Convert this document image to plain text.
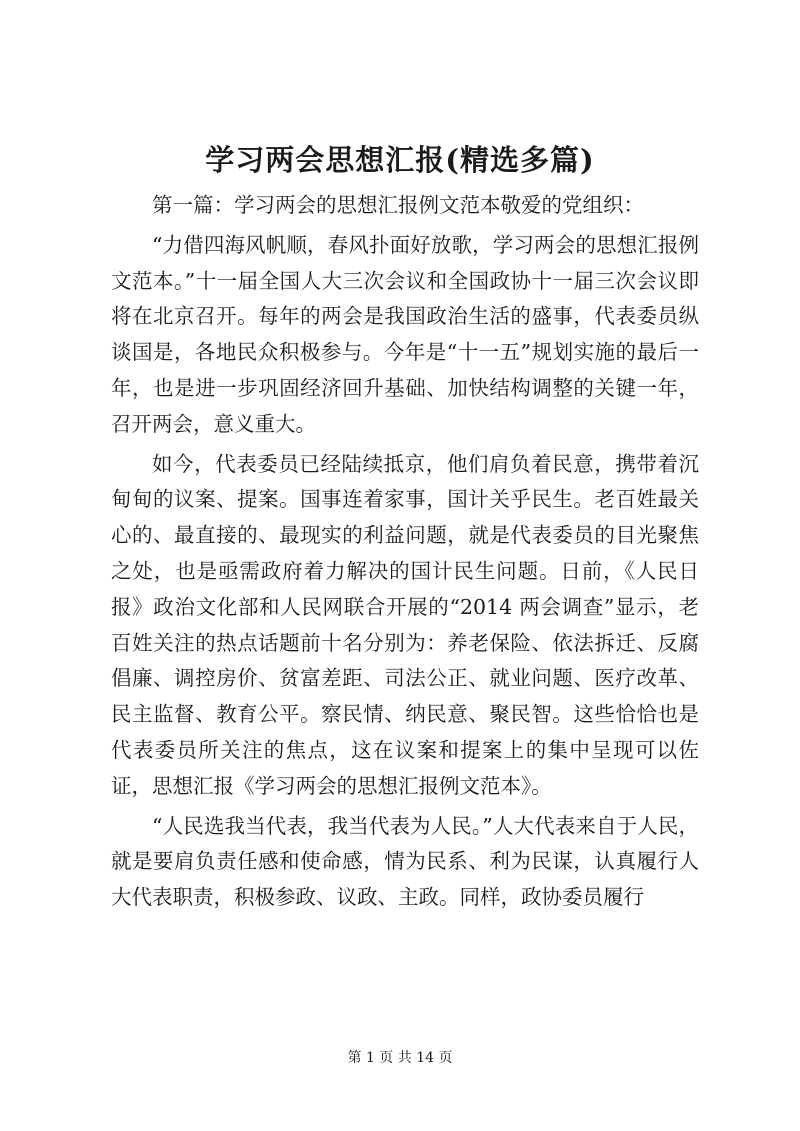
学习两会思想汇报(精选多篇)

第一篇：学习两会的思想汇报例文范本敬爱的党组织：

“力借四海风帆顺，春风扑面好放歌，学习两会的思想汇报例文范本。”十一届全国人大三次会议和全国政协十一届三次会议即将在北京召开。每年的两会是我国政治生活的盛事，代表委员纵谈国是，各地民众积极参与。今年是“十一五”规划实施的最后一年，也是进一步巩固经济回升基础、加快结构调整的关键一年，召开两会，意义重大。

如今，代表委员已经陆续抵京，他们肩负着民意，携带着沉甸甸的议案、提案。国事连着家事，国计关乎民生。老百姓最关心的、最直接的、最现实的利益问题，就是代表委员的目光聚焦之处，也是亟需政府着力解决的国计民生问题。日前，《人民日报》政治文化部和人民网联合开展的“2014 两会调查”显示，老百姓关注的热点话题前十名分别为：养老保险、依法拆迁、反腐倡廉、调控房价、贫富差距、司法公正、就业问题、医疗改革、民主监督、教育公平。察民情、纳民意、聚民智。这些恰恰也是代表委员所关注的焦点，这在议案和提案上的集中呈现可以佐证，思想汇报《学习两会的思想汇报例文范本》。

“人民选我当代表，我当代表为人民。”人大代表来自于人民，就是要肩负责任感和使命感，情为民系、利为民谋，认真履行人大代表职责，积极参政、议政、主政。同样，政协委员履行

第 1 页 共 14 页
